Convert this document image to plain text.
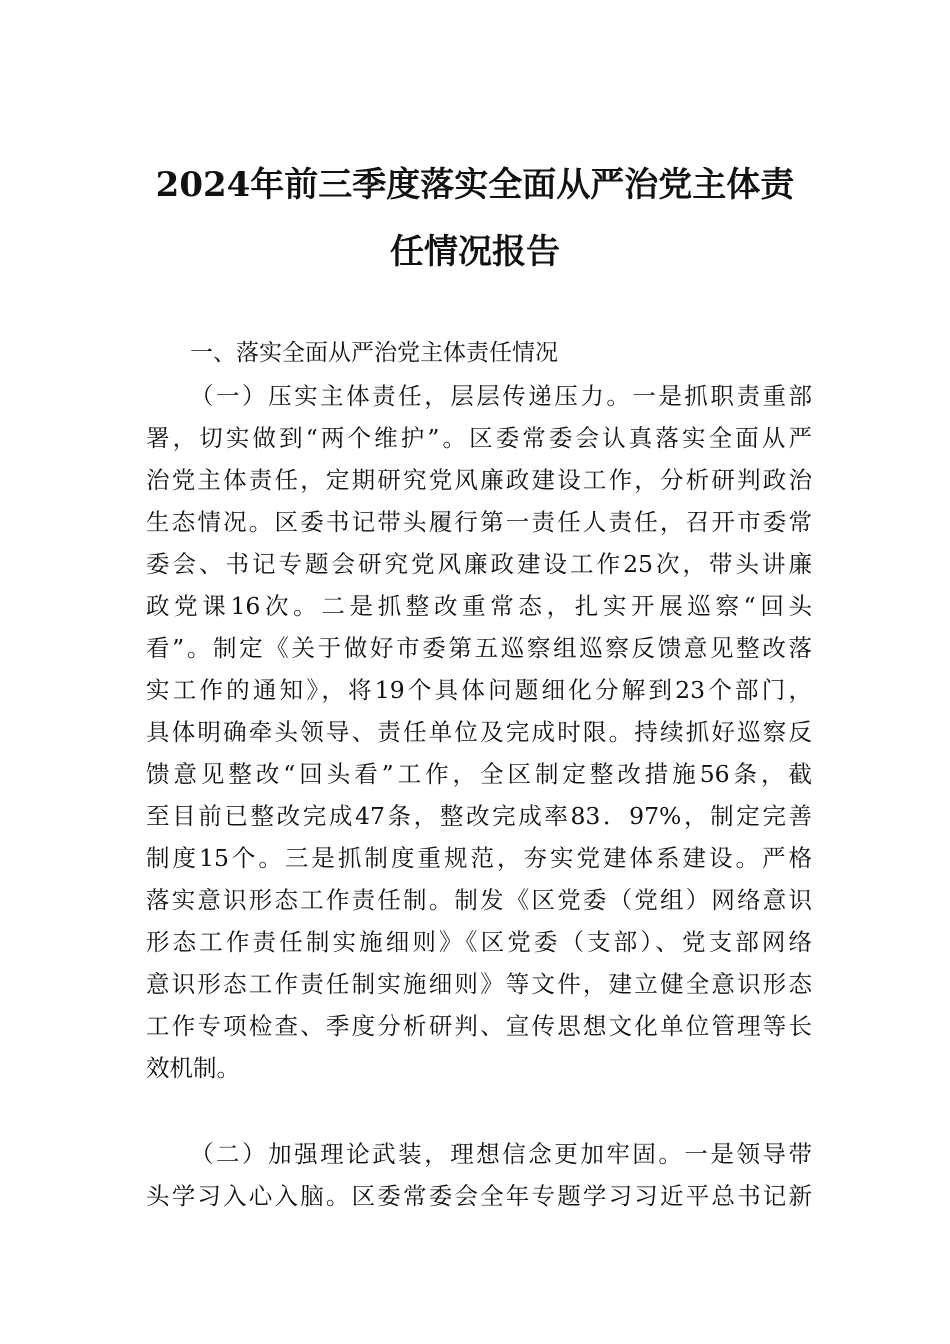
2024年前三季度落实全面从严治党主体责
任情况报告
一、落实全面从严治党主体责任情况
（一）压实主体责任，层层传递压力。一是抓职责重部
署，切实做到“两个维护”。区委常委会认真落实全面从严
治党主体责任，定期研究党风廉政建设工作，分析研判政治
生态情况。区委书记带头履行第一责任人责任，召开市委常
委会、书记专题会研究党风廉政建设工作25次，带头讲廉
政党课16次。二是抓整改重常态，扎实开展巡察“回头
看”。制定《关于做好市委第五巡察组巡察反馈意见整改落
实工作的通知》，将19个具体问题细化分解到23个部门，
具体明确牵头领导、责任单位及完成时限。持续抓好巡察反
馈意见整改“回头看”工作，全区制定整改措施56条，截
至目前已整改完成47条，整改完成率83．97%，制定完善
制度15个。三是抓制度重规范，夯实党建体系建设。严格
落实意识形态工作责任制。制发《区党委（党组）网络意识
形态工作责任制实施细则》《区党委（支部）、党支部网络
意识形态工作责任制实施细则》等文件，建立健全意识形态
工作专项检查、季度分析研判、宣传思想文化单位管理等长
效机制。
（二）加强理论武装，理想信念更加牢固。一是领导带
头学习入心入脑。区委常委会全年专题学习习近平总书记新
